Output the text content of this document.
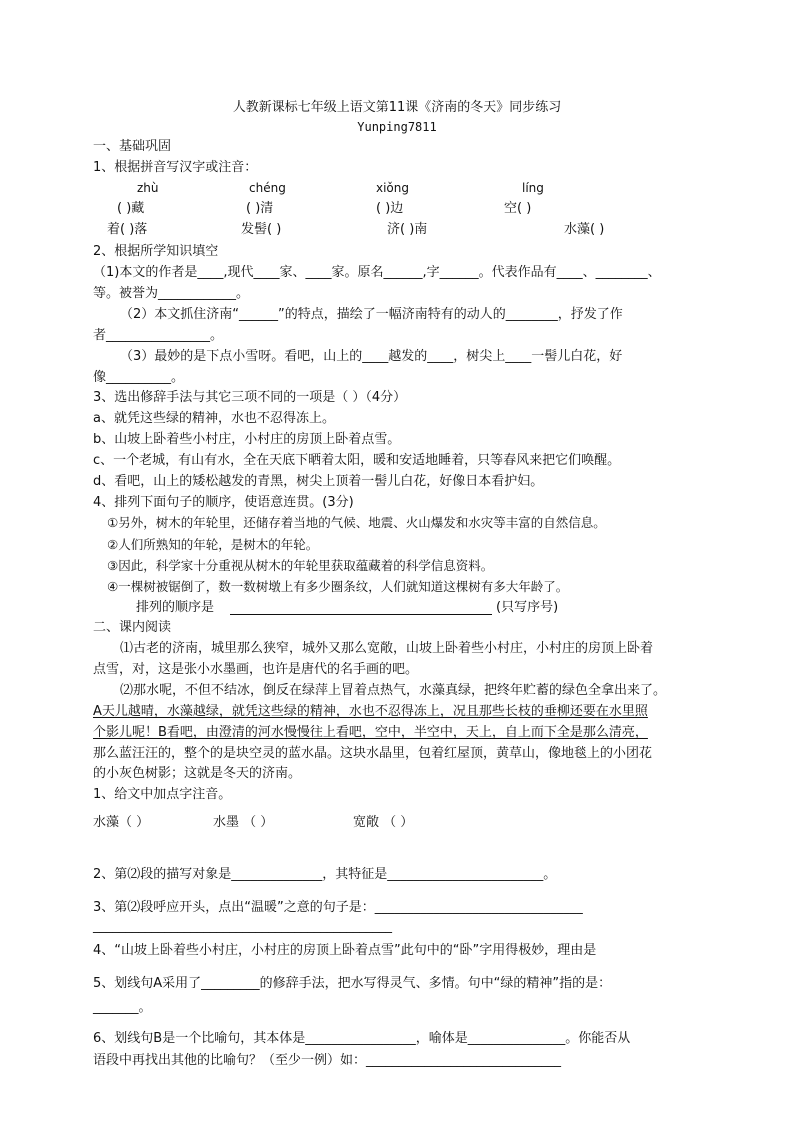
人教新课标七年级上语文第11课《济南的冬天》同步练习
Yunping7811
一、基础巩固
1、根据拼音写汉字或注音：
zhù	chéng	xiǒng	líng
( )藏	( )清	( )边	空( )
着( )落	发髻( )	济( )南	水藻( )
2、根据所学知识填空
（1)本文的作者是____,现代____家、____家。原名______,字______。代表作品有____、________、
等。被誉为____________。
（2）本文抓住济南“______”的特点，描绘了一幅济南特有的动人的________，抒发了作
者________________。
（3）最妙的是下点小雪呀。看吧，山上的____越发的____，树尖上____一髻儿白花，好
像__________。
3、选出修辞手法与其它三项不同的一项是（ ）（4分）
a、就凭这些绿的精神，水也不忍得冻上。
b、山坡上卧着些小村庄，小村庄的房顶上卧着点雪。
c、一个老城，有山有水，全在天底下晒着太阳，暖和安适地睡着，只等春风来把它们唤醒。
d、看吧，山上的矮松越发的青黑，树尖上顶着一髻儿白花，好像日本看护妇。
4、排列下面句子的顺序，使语意连贯。(3分)
①另外，树木的年轮里，还储存着当地的气候、地震、火山爆发和水灾等丰富的自然信息。
②人们所熟知的年轮，是树木的年轮。
③因此，科学家十分重视从树木的年轮里获取蕴藏着的科学信息资料。
④一棵树被锯倒了，数一数树墩上有多少圈条纹，人们就知道这棵树有多大年龄了。
排列的顺序是	(只写序号)
二、课内阅读
⑴古老的济南，城里那么狭窄，城外又那么宽敞，山坡上卧着些小村庄，小村庄的房顶上卧着
点雪，对，这是张小水墨画，也许是唐代的名手画的吧。
⑵那水呢，不但不结冰，倒反在绿萍上冒着点热气，水藻真绿，把终年贮蓄的绿色全拿出来了。
A天儿越晴，水藻越绿，就凭这些绿的精神，水也不忍得冻上，况且那些长枝的垂柳还要在水里照
个影儿呢！B看吧，由澄清的河水慢慢往上看吧，空中，半空中，天上，自上而下全是那么清亮，
那么蓝汪汪的，整个的是块空灵的蓝水晶。这块水晶里，包着红屋顶，黄草山，像地毯上的小团花
的小灰色树影；这就是冬天的济南。
1、给文中加点字注音。
水藻（ ）	水墨 （ ）	宽敞 （ ）
2、第⑵段的描写对象是______________，其特征是________________________。
3、第⑵段呼应开头，点出“温暖”之意的句子是：________________________________
______________________________________________
4、“山坡上卧着些小村庄，小村庄的房顶上卧着点雪”此句中的“卧”字用得极妙，理由是
5、划线句A采用了_________的修辞手法，把水写得灵气、多情。句中“绿的精神”指的是：
_______。
6、划线句B是一个比喻句，其本体是_________________，喻体是_______________。你能否从
语段中再找出其他的比喻句？（至少一例）如：______________________________
